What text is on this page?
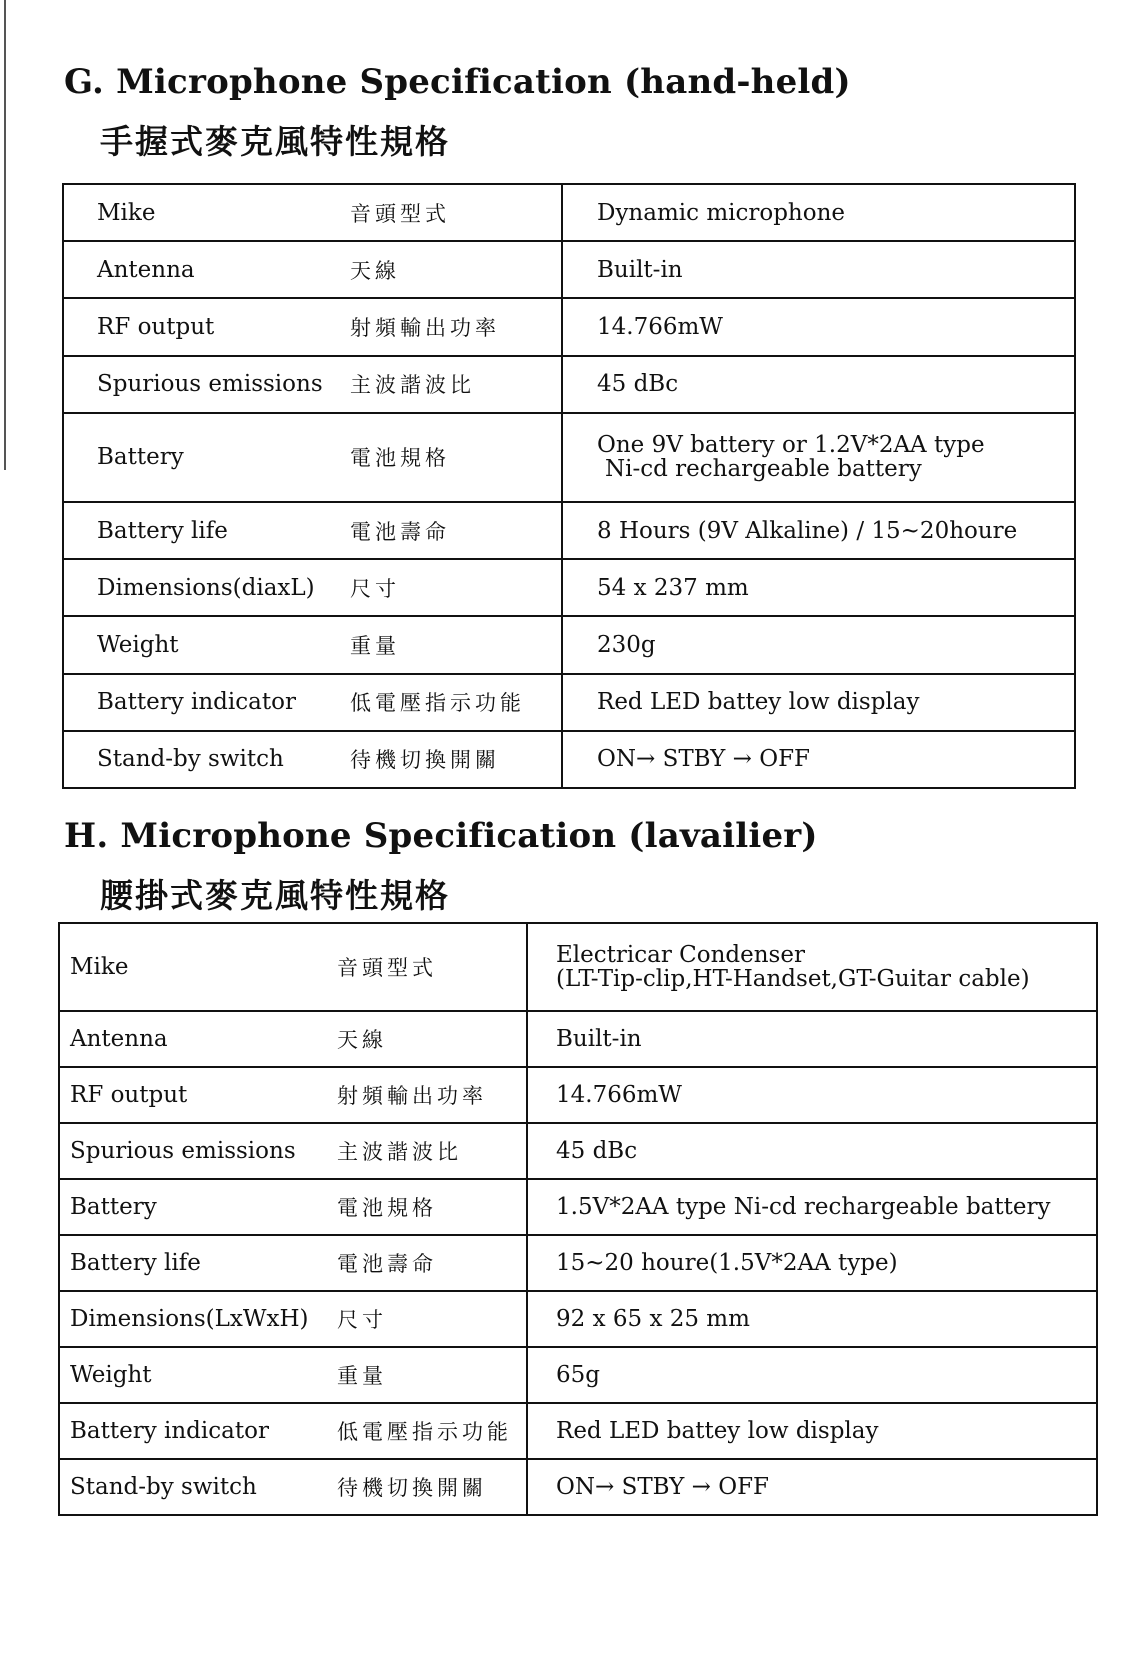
G. Microphone Specification (hand-held)
手握式麥克風特性規格
Mike	音頭型式	Dynamic microphone

Antenna	天線	Built-in

RF output	射頻輸出功率	14.766mW

Spurious emissions	主波諧波比	45 dBc

Battery	電池規格	One 9V battery or 1.2V*2AA type
Ni-cd rechargeable battery

Battery life	電池壽命	8 Hours (9V Alkaline) / 15~20houre

Dimensions(diaxL)	尺寸	54 x 237 mm

Weight	重量	230g

Battery indicator	低電壓指示功能	Red LED battey low display

Stand-by switch	待機切換開關	ON→ STBY → OFF
H. Microphone Specification (lavailier)
腰掛式麥克風特性規格
Mike	音頭型式	Electricar Condenser
(LT-Tip-clip,HT-Handset,GT-Guitar cable)

Antenna	天線	Built-in

RF output	射頻輸出功率	14.766mW

Spurious emissions	主波諧波比	45 dBc

Battery	電池規格	1.5V*2AA type Ni-cd rechargeable battery

Battery life	電池壽命	15~20 houre(1.5V*2AA type)

Dimensions(LxWxH)	尺寸	92 x 65 x 25 mm

Weight	重量	65g

Battery indicator	低電壓指示功能	Red LED battey low display

Stand-by switch	待機切換開關	ON→ STBY → OFF
